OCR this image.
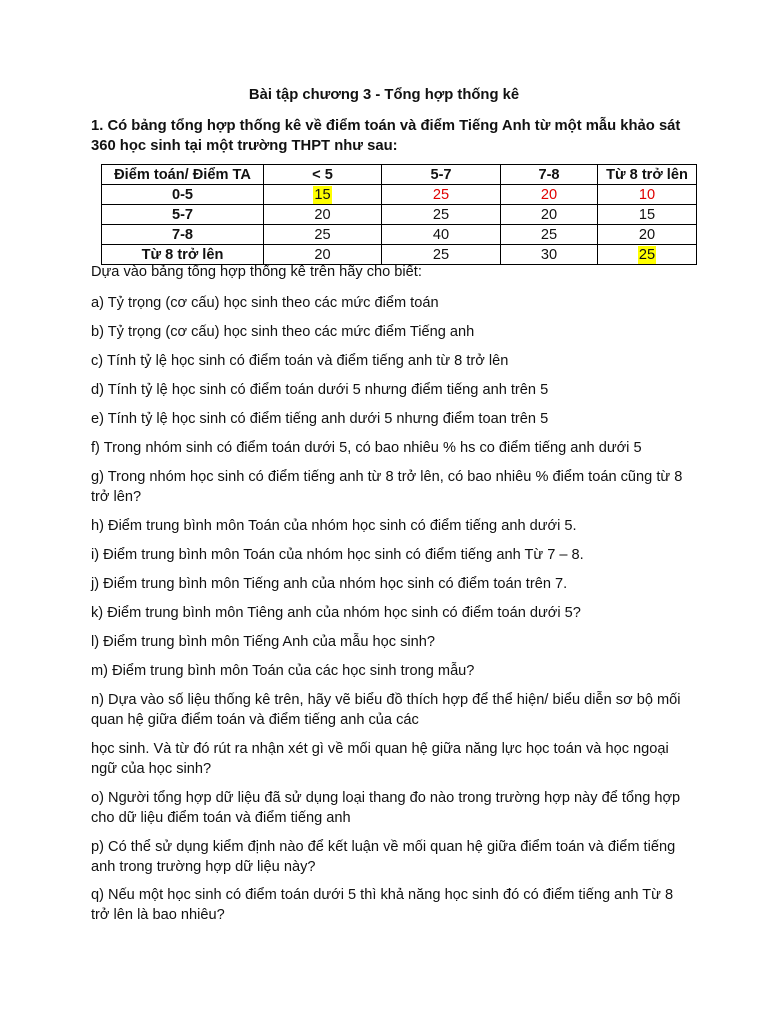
Bài tập chương 3 - Tổng hợp thống kê
1. Có bảng tổng hợp thống kê về điểm toán và điểm Tiếng Anh từ một mẫu khảo sát 360 học sinh tại một trường THPT như sau:
Điểm toán/ Điểm TA	< 5	5-7	7-8	Từ 8 trở lên
0-5	15	25	20	10
5-7	20	25	20	15
7-8	25	40	25	20
Từ 8 trở lên	20	25	30	25
Dựa vào bảng tổng hợp thống kê trên hãy cho biết:
a) Tỷ trọng (cơ cấu) học sinh theo các mức điểm toán
b) Tỷ trọng (cơ cấu) học sinh theo các mức điểm Tiếng anh
c) Tính tỷ lệ học sinh có điểm toán và điểm tiếng anh từ 8 trở lên
d) Tính tỷ lệ học sinh có điểm toán dưới 5 nhưng điểm tiếng anh trên 5
e) Tính tỷ lệ học sinh có điểm tiếng anh dưới 5 nhưng điểm toan trên 5
f) Trong nhóm sinh có điểm toán dưới 5, có bao nhiêu % hs co điểm tiếng anh dưới 5
g) Trong nhóm học sinh có điểm tiếng anh từ 8 trở lên, có bao nhiêu % điểm toán cũng từ 8 trở lên?
h) Điểm trung bình môn Toán của nhóm học sinh có điểm tiếng anh dưới 5.
i) Điểm trung bình môn Toán của nhóm học sinh có điểm tiếng anh Từ 7 – 8.
j) Điểm trung bình môn Tiếng anh của nhóm học sinh có điểm toán trên 7.
k) Điểm trung bình môn Tiêng anh của nhóm học sinh có điểm toán dưới 5?
l) Điểm trung bình môn Tiếng Anh của mẫu học sinh?
m) Điểm trung bình môn Toán của các học sinh trong mẫu?
n) Dựa vào số liệu thống kê trên, hãy vẽ biểu đồ thích hợp để thể hiện/ biểu diễn sơ bộ mối quan hệ giữa điểm toán và điểm tiếng anh của các
học sinh. Và từ đó rút ra nhận xét gì về mối quan hệ giữa năng lực học toán và học ngoại ngữ của học sinh?
o) Người tổng hợp dữ liệu đã sử dụng loại thang đo nào trong trường hợp này để tổng hợp cho dữ liệu điểm toán và điểm tiếng anh
p) Có thể sử dụng kiểm định nào để kết luận về mối quan hệ giữa điểm toán và điểm tiếng anh trong trường hợp dữ liệu này?
q) Nếu một học sinh có điểm toán dưới 5 thì khả năng học sinh đó có điểm tiếng anh Từ 8 trở lên là bao nhiêu?
